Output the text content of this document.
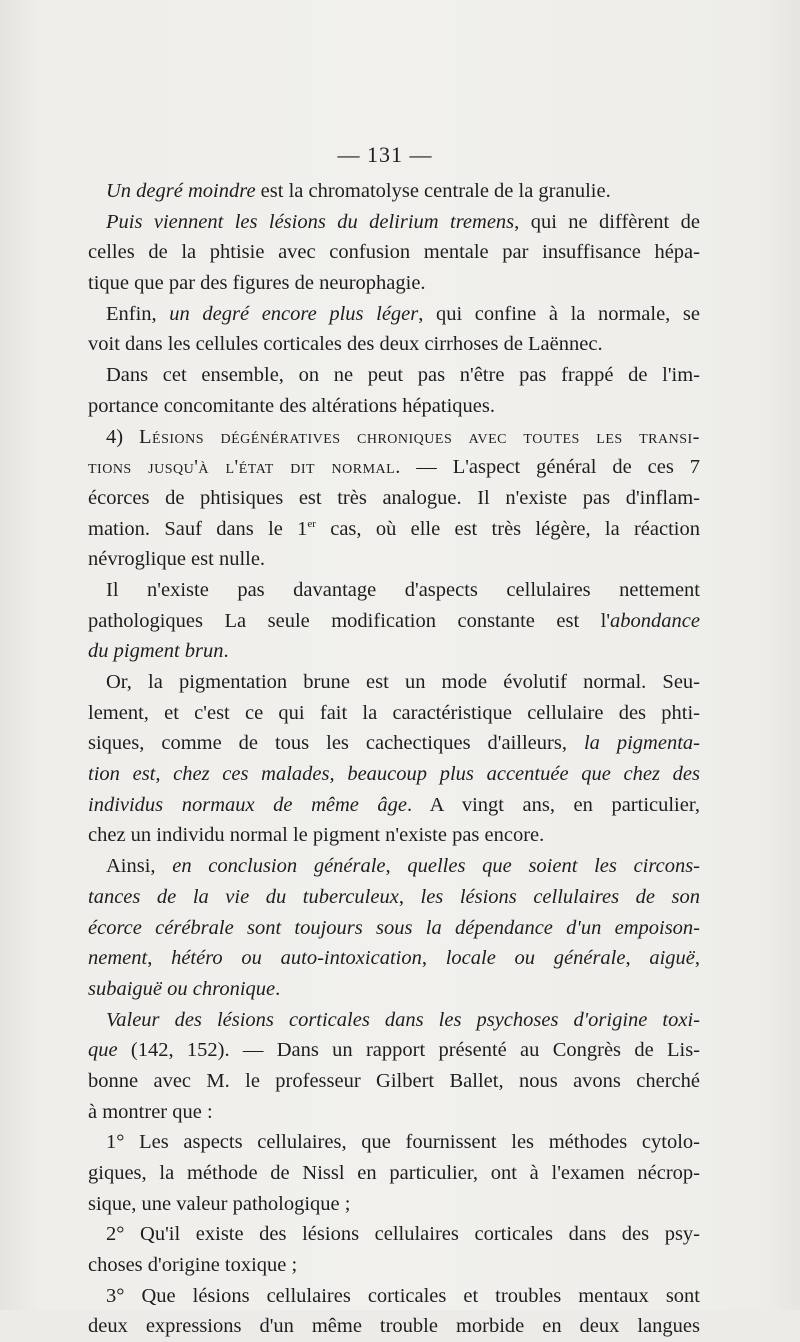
— 131 —
Un degré moindre est la chromatolyse centrale de la granulie.
Puis viennent les lésions du delirium tremens, qui ne diffèrent de
celles de la phtisie avec confusion mentale par insuffisance hépa-
tique que par des figures de neurophagie.
Enfin, un degré encore plus léger, qui confine à la normale, se
voit dans les cellules corticales des deux cirrhoses de Laënnec.
Dans cet ensemble, on ne peut pas n'être pas frappé de l'im-
portance concomitante des altérations hépatiques.
4) Lésions dégénératives chroniques avec toutes les transi-
tions jusqu'à l'état dit normal. — L'aspect général de ces 7
écorces de phtisiques est très analogue. Il n'existe pas d'inflam-
mation. Sauf dans le 1er cas, où elle est très légère, la réaction
névroglique est nulle.
Il n'existe pas davantage d'aspects cellulaires nettement
pathologiques La seule modification constante est l'abondance
du pigment brun.
Or, la pigmentation brune est un mode évolutif normal. Seu-
lement, et c'est ce qui fait la caractéristique cellulaire des phti-
siques, comme de tous les cachectiques d'ailleurs, la pigmenta-
tion est, chez ces malades, beaucoup plus accentuée que chez des
individus normaux de même âge. A vingt ans, en particulier,
chez un individu normal le pigment n'existe pas encore.
Ainsi, en conclusion générale, quelles que soient les circons-
tances de la vie du tuberculeux, les lésions cellulaires de son
écorce cérébrale sont toujours sous la dépendance d'un empoison-
nement, hétéro ou auto-intoxication, locale ou générale, aiguë,
subaiguë ou chronique.
Valeur des lésions corticales dans les psychoses d'origine toxi-
que (142, 152). — Dans un rapport présenté au Congrès de Lis-
bonne avec M. le professeur Gilbert Ballet, nous avons cherché
à montrer que :
1° Les aspects cellulaires, que fournissent les méthodes cytolo-
giques, la méthode de Nissl en particulier, ont à l'examen nécrop-
sique, une valeur pathologique ;
2° Qu'il existe des lésions cellulaires corticales dans des psy-
choses d'origine toxique ;
3° Que lésions cellulaires corticales et troubles mentaux sont
deux expressions d'un même trouble morbide en deux langues
